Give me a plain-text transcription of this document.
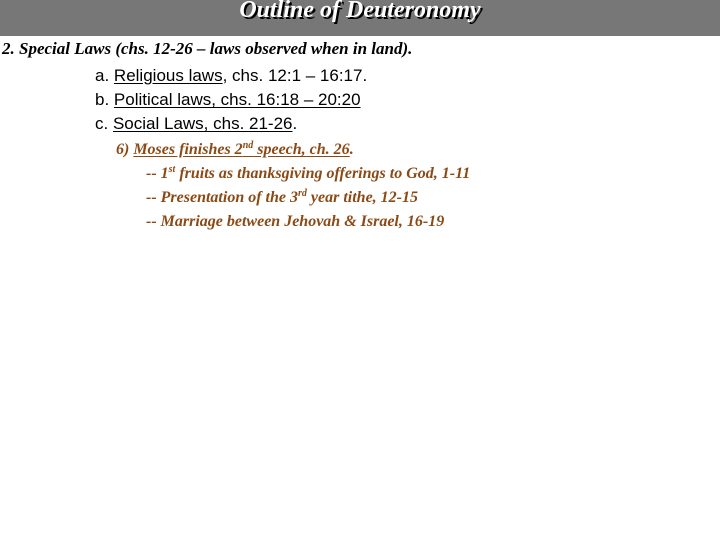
Outline of Deuteronomy
2. Special Laws (chs. 12-26 – laws observed when in land).
a. Religious laws, chs. 12:1 – 16:17.
b. Political laws, chs. 16:18 – 20:20
c. Social Laws, chs. 21-26.
6) Moses finishes 2nd speech, ch. 26.
-- 1st fruits as thanksgiving offerings to God, 1-11
-- Presentation of the 3rd year tithe, 12-15
-- Marriage between Jehovah & Israel, 16-19
